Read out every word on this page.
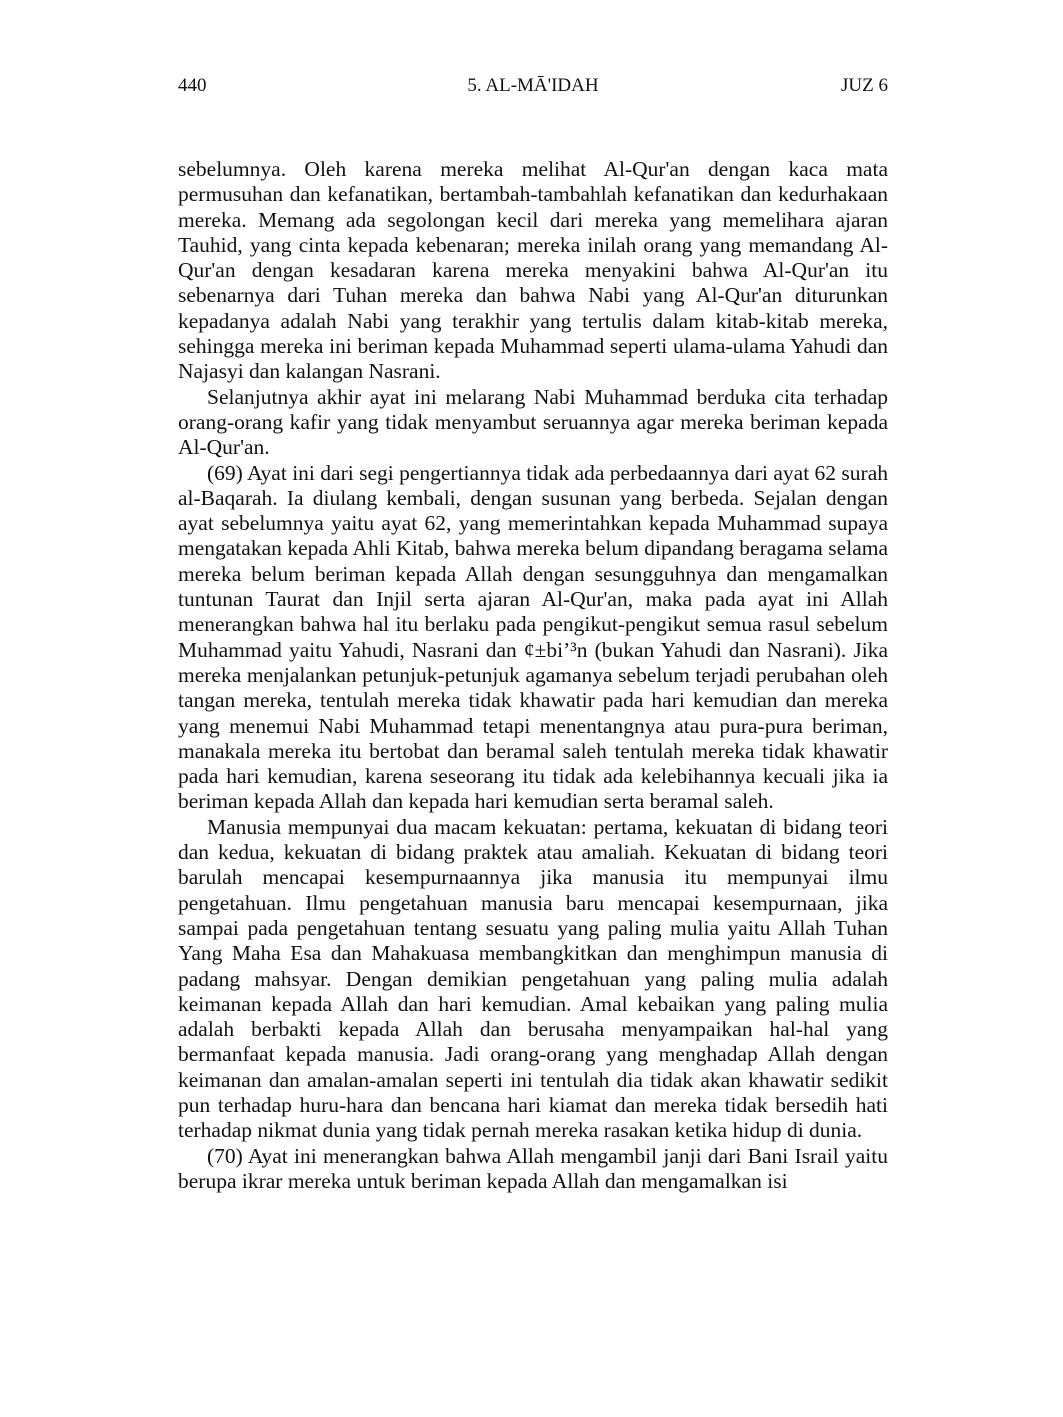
5. AL-MĀ'IDAH
440	JUZ 6

sebelumnya. Oleh karena mereka melihat Al-Qur'an dengan kaca mata permusuhan dan kefanatikan, bertambah-tambahlah kefanatikan dan kedurhakaan mereka. Memang ada segolongan kecil dari mereka yang memelihara ajaran Tauhid, yang cinta kepada kebenaran; mereka inilah orang yang memandang Al-Qur'an dengan kesadaran karena mereka menyakini bahwa Al-Qur'an itu sebenarnya dari Tuhan mereka dan bahwa Nabi yang Al-Qur'an diturunkan kepadanya adalah Nabi yang terakhir yang tertulis dalam kitab-kitab mereka, sehingga mereka ini beriman kepada Muhammad seperti ulama-ulama Yahudi dan Najasyi dan kalangan Nasrani.

Selanjutnya akhir ayat ini melarang Nabi Muhammad berduka cita terhadap orang-orang kafir yang tidak menyambut seruannya agar mereka beriman kepada Al-Qur'an.

(69) Ayat ini dari segi pengertiannya tidak ada perbedaannya dari ayat 62 surah al-Baqarah. Ia diulang kembali, dengan susunan yang berbeda. Sejalan dengan ayat sebelumnya yaitu ayat 62, yang memerintahkan kepada Muhammad supaya mengatakan kepada Ahli Kitab, bahwa mereka belum dipandang beragama selama mereka belum beriman kepada Allah dengan sesungguhnya dan mengamalkan tuntunan Taurat dan Injil serta ajaran Al-Qur'an, maka pada ayat ini Allah menerangkan bahwa hal itu berlaku pada pengikut-pengikut semua rasul sebelum Muhammad yaitu Yahudi, Nasrani dan ¢±bi’³n (bukan Yahudi dan Nasrani). Jika mereka menjalankan petunjuk-petunjuk agamanya sebelum terjadi perubahan oleh tangan mereka, tentulah mereka tidak khawatir pada hari kemudian dan mereka yang menemui Nabi Muhammad tetapi menentangnya atau pura-pura beriman, manakala mereka itu bertobat dan beramal saleh tentulah mereka tidak khawatir pada hari kemudian, karena seseorang itu tidak ada kelebihannya kecuali jika ia beriman kepada Allah dan kepada hari kemudian serta beramal saleh.

Manusia mempunyai dua macam kekuatan: pertama, kekuatan di bidang teori dan kedua, kekuatan di bidang praktek atau amaliah. Kekuatan di bidang teori barulah mencapai kesempurnaannya jika manusia itu mempunyai ilmu pengetahuan. Ilmu pengetahuan manusia baru mencapai kesempurnaan, jika sampai pada pengetahuan tentang sesuatu yang paling mulia yaitu Allah Tuhan Yang Maha Esa dan Mahakuasa membangkitkan dan menghimpun manusia di padang mahsyar. Dengan demikian pengetahuan yang paling mulia adalah keimanan kepada Allah dan hari kemudian. Amal kebaikan yang paling mulia adalah berbakti kepada Allah dan berusaha menyampaikan hal-hal yang bermanfaat kepada manusia. Jadi orang-orang yang menghadap Allah dengan keimanan dan amalan-amalan seperti ini tentulah dia tidak akan khawatir sedikit pun terhadap huru-hara dan bencana hari kiamat dan mereka tidak bersedih hati terhadap nikmat dunia yang tidak pernah mereka rasakan ketika hidup di dunia.

(70) Ayat ini menerangkan bahwa Allah mengambil janji dari Bani Israil yaitu berupa ikrar mereka untuk beriman kepada Allah dan mengamalkan isi
